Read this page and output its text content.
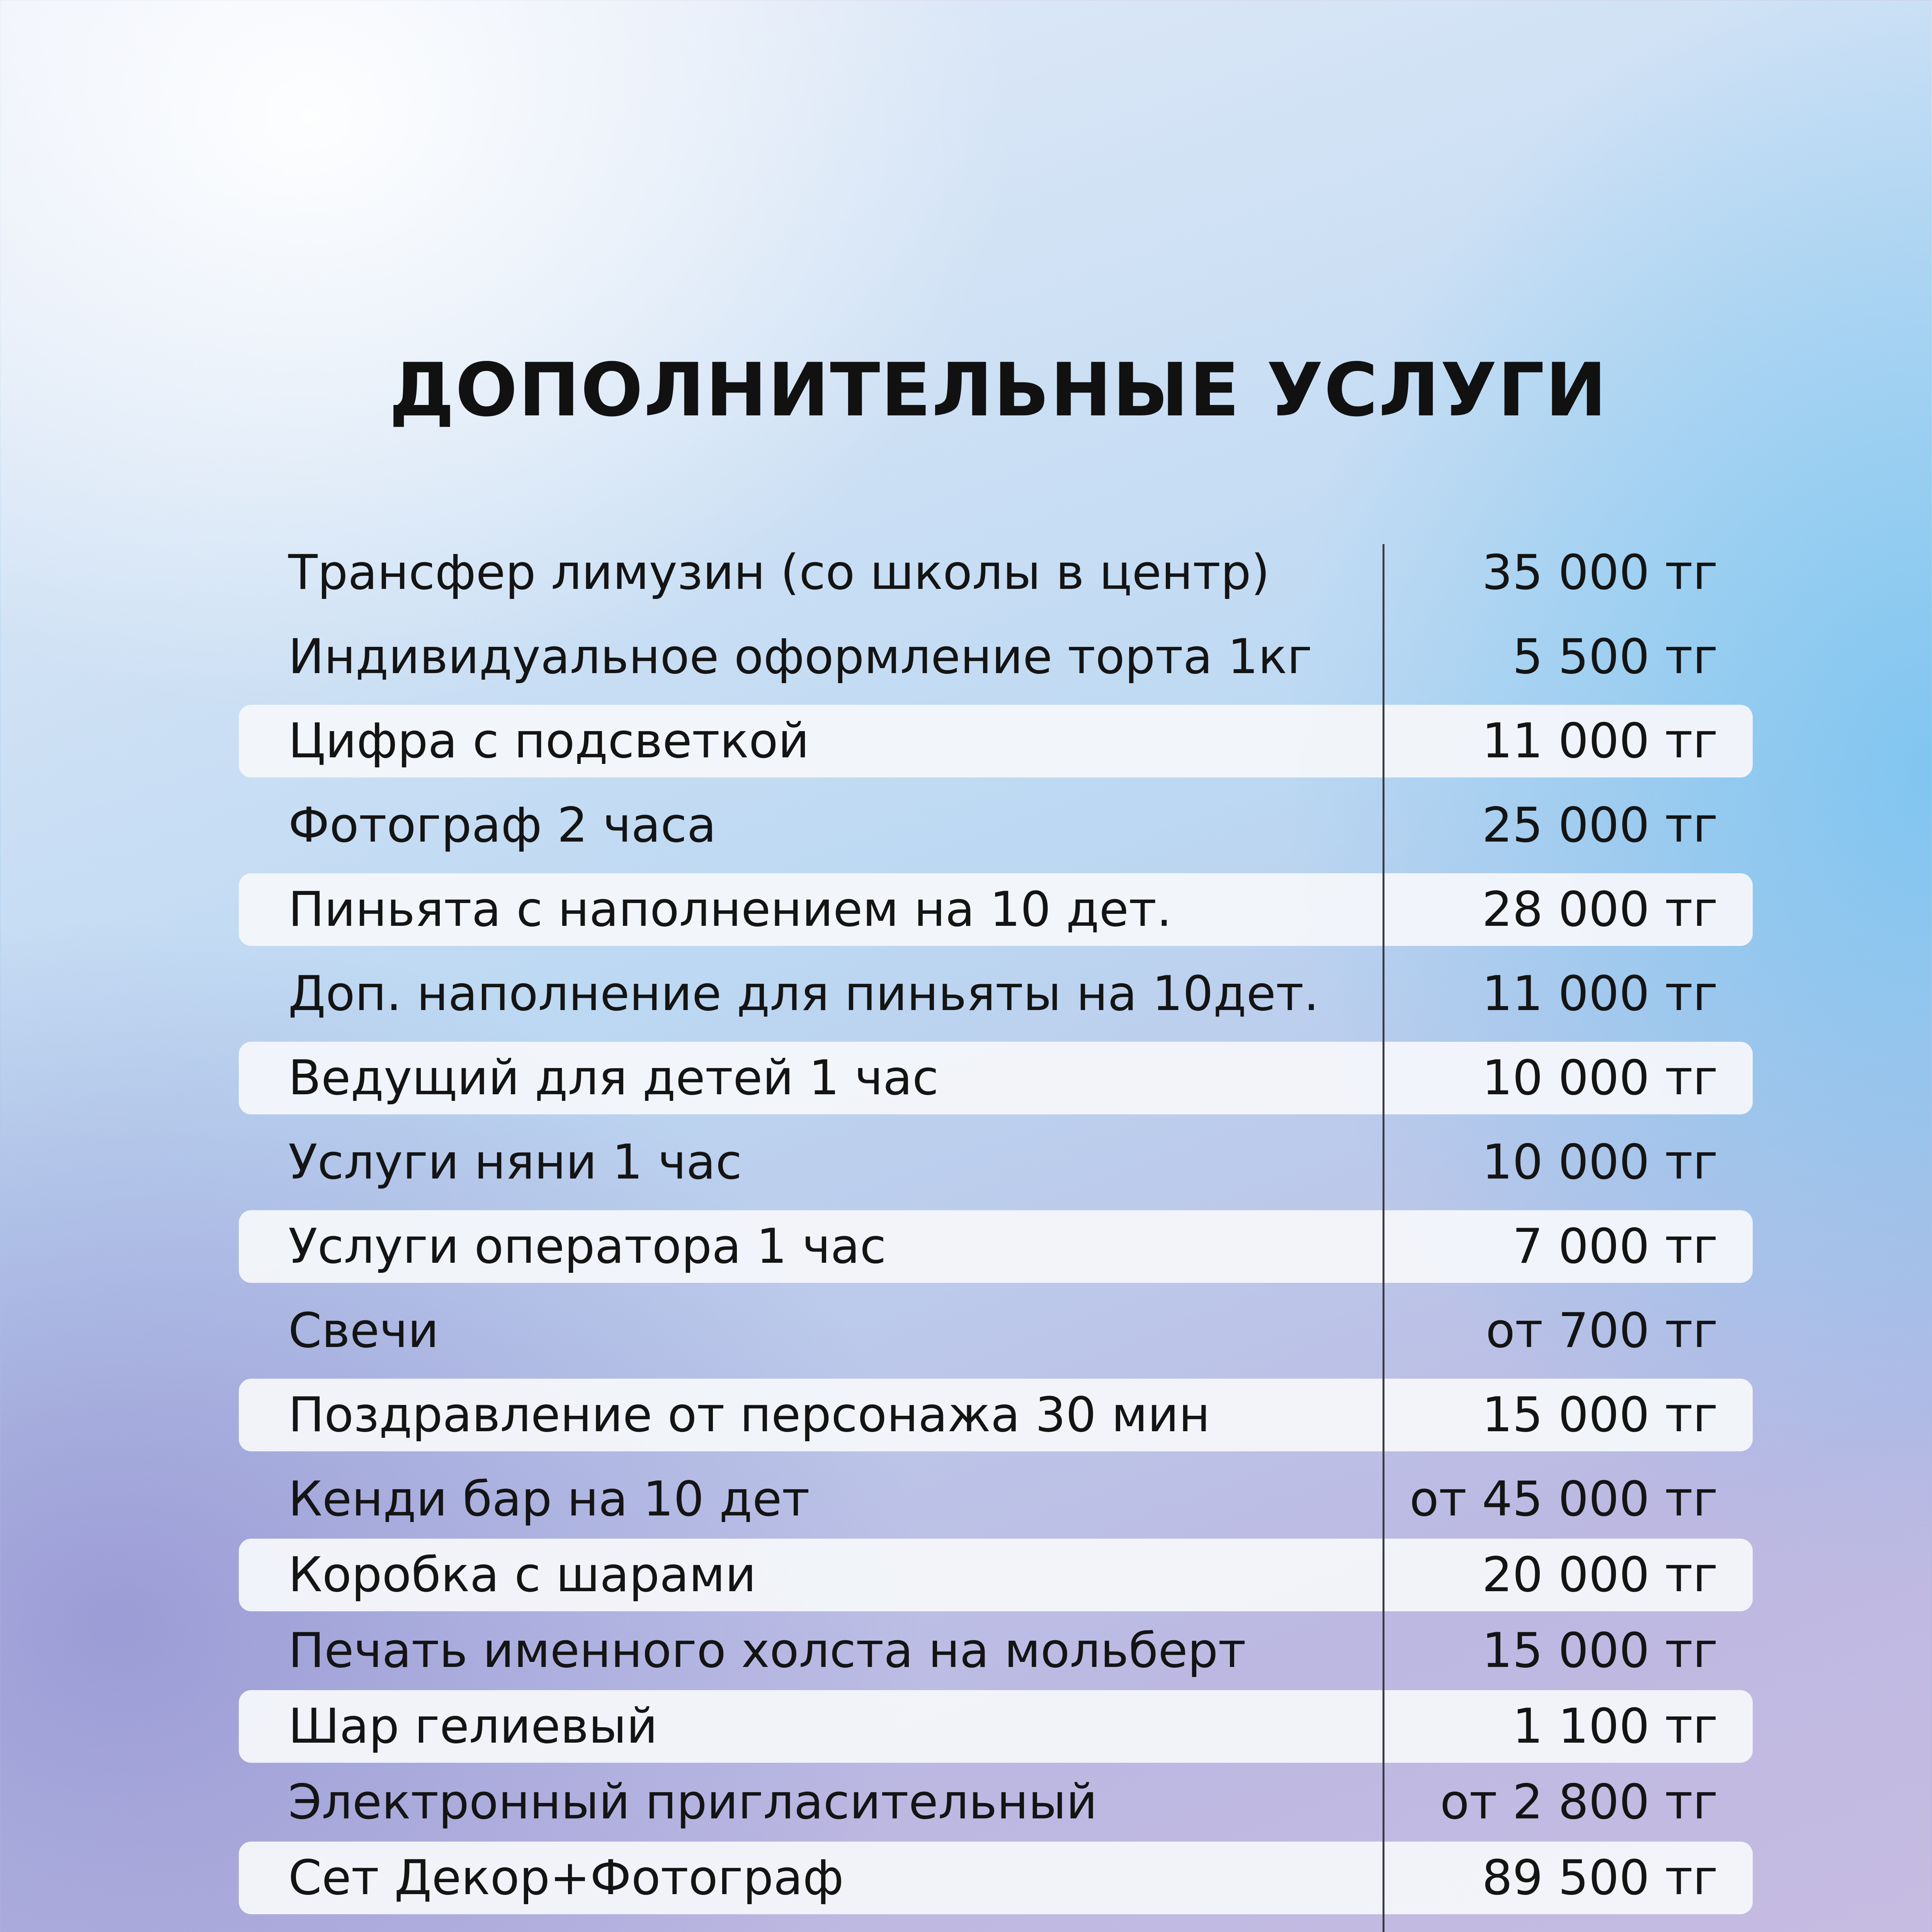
ДОПОЛНИТЕЛЬНЫЕ УСЛУГИ
Трансфер лимузин (со школы в центр)	35 000 тг
Индивидуальное оформление торта 1кг	5 500 тг
Цифра с подсветкой	11 000 тг
Фотограф 2 часа	25 000 тг
Пиньята с наполнением на 10 дет.	28 000 тг
Доп. наполнение для пиньяты на 10дет.	11 000 тг
Ведущий для детей 1 час	10 000 тг
Услуги няни 1 час	10 000 тг
Услуги оператора 1 час	7 000 тг
Свечи	от 700 тг
Поздравление от персонажа 30 мин	15 000 тг
Кенди бар на 10 дет	от 45 000 тг
Коробка с шарами	20 000 тг
Печать именного холста на мольберт	15 000 тг
Шар гелиевый	1 100 тг
Электронный пригласительный	от 2 800 тг
Сет Декор+Фотограф	89 500 тг
